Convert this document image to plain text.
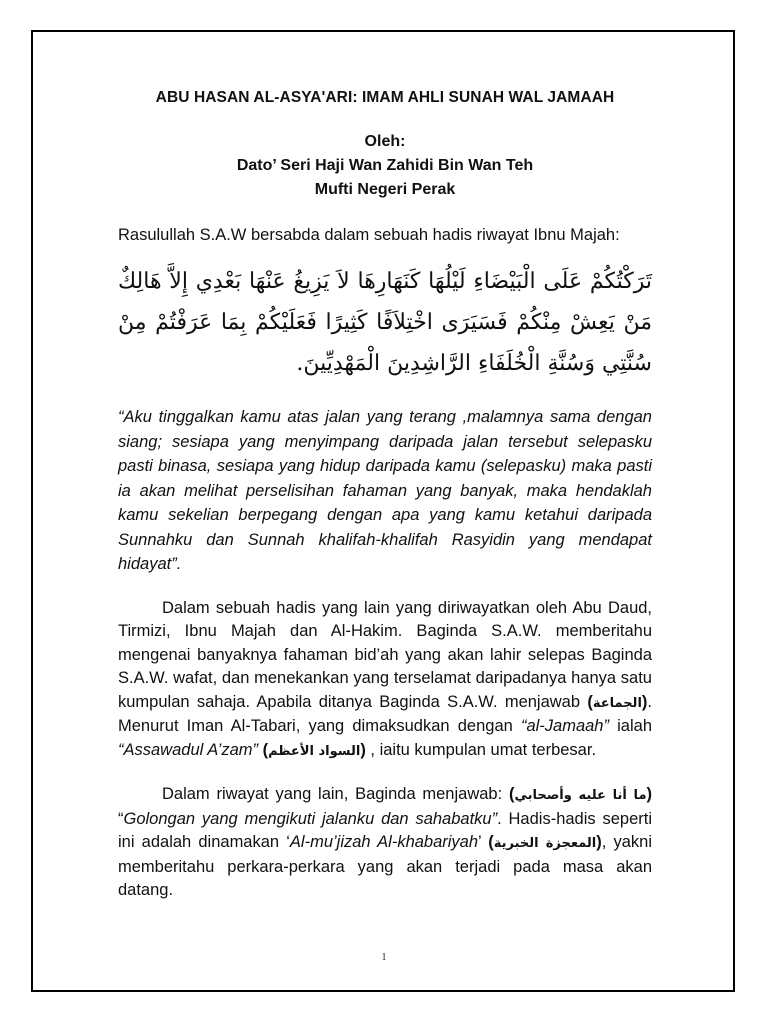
ABU HASAN AL-ASYA'ARI: IMAM AHLI SUNAH WAL JAMAAH
Oleh:
Dato’ Seri Haji Wan Zahidi Bin Wan Teh
Mufti Negeri Perak

Rasulullah S.A.W bersabda dalam sebuah hadis riwayat Ibnu Majah:

تَرَكْتُكُمْ عَلَى الْبَيْضَاءِ لَيْلُهَا كَنَهَارِهَا لاَ يَزِيغُ عَنْهَا بَعْدِي إِلاَّ هَالِكٌ مَنْ يَعِشْ مِنْكُمْ فَسَيَرَى اخْتِلاَفًا كَثِيرًا فَعَلَيْكُمْ بِمَا عَرَفْتُمْ مِنْ سُنَّتِي وَسُنَّةِ الْخُلَفَاءِ الرَّاشِدِينَ الْمَهْدِيِّينَ.

“Aku tinggalkan kamu atas jalan yang terang ,malamnya sama dengan siang; sesiapa yang menyimpang daripada jalan tersebut selepasku pasti binasa, sesiapa yang hidup daripada kamu (selepasku) maka pasti ia akan melihat perselisihan fahaman yang banyak, maka hendaklah kamu sekelian berpegang dengan apa yang kamu ketahui daripada Sunnahku dan Sunnah khalifah-khalifah Rasyidin yang mendapat hidayat”.

Dalam sebuah hadis yang lain yang diriwayatkan oleh Abu Daud, Tirmizi, Ibnu Majah dan Al-Hakim. Baginda S.A.W. memberitahu mengenai banyaknya fahaman bid’ah yang akan lahir selepas Baginda S.A.W. wafat, dan menekankan yang terselamat daripadanya hanya satu kumpulan sahaja. Apabila ditanya Baginda S.A.W. menjawab (الجماعة). Menurut Iman Al-Tabari, yang dimaksudkan dengan “al-Jamaah” ialah “Assawadul A’zam” (السواد الأعظم) , iaitu kumpulan umat terbesar.

Dalam riwayat yang lain, Baginda menjawab: (ما أنا عليه وأصحابي) “Golongan yang mengikuti jalanku dan sahabatku”. Hadis-hadis seperti ini adalah dinamakan ‘Al-mu’jizah Al-khabariyah’ (المعجزة الخبرية), yakni memberitahu perkara-perkara yang akan terjadi pada masa akan datang.

1
